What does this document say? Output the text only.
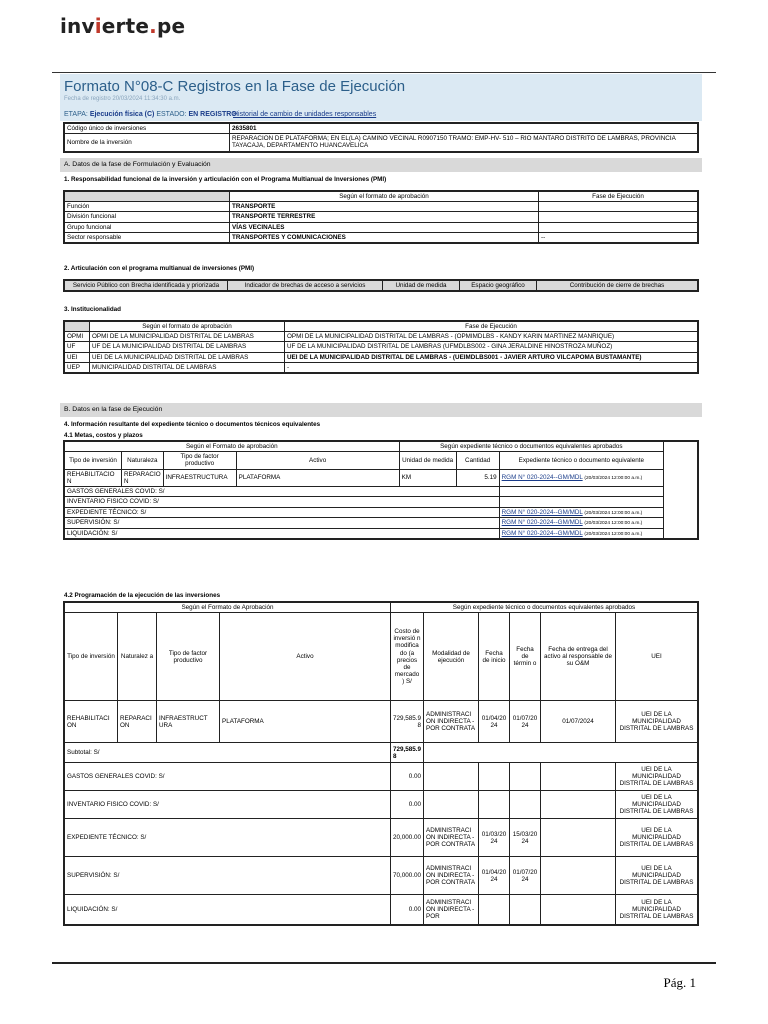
invierte.pe
Formato N°08-C Registros en la Fase de Ejecución
Fecha de registro 20/03/2024 11:34:30 a.m.
ETAPA: Ejecución física (C) ESTADO: EN REGISTRO
Historial de cambio de unidades responsables
Código único de inversiones	2635801
Nombre de la inversión	REPARACION DE PLATAFORMA; EN EL(LA) CAMINO VECINAL R0907150 TRAMO: EMP-HV- 510 – RIO MANTARO DISTRITO DE LAMBRAS, PROVINCIA TAYACAJA, DEPARTAMENTO HUANCAVELICA
A. Datos de la fase de Formulación y Evaluación
1. Responsabilidad funcional de la inversión y articulación con el Programa Multianual de Inversiones (PMI)
	Según el formato de aprobación	Fase de Ejecución
Función	TRANSPORTE	
División funcional	TRANSPORTE TERRESTRE	
Grupo funcional	VÍAS VECINALES	
Sector responsable	TRANSPORTES Y COMUNICACIONES	--
2. Articulación con el programa multianual de inversiones (PMI)
Servicio Público con Brecha identificada y priorizada	Indicador de brechas de acceso a servicios	Unidad de medida	Espacio geográfico	Contribución de cierre de brechas
3. Institucionalidad
	Según el formato de aprobación	Fase de Ejecución
OPMI	OPMI DE LA MUNICIPALIDAD DISTRITAL DE LAMBRAS	OPMI DE LA MUNICIPALIDAD DISTRITAL DE LAMBRAS - (OPMIMDLBS - KANDY KARIN MARTINEZ MANRIQUE)
UF	UF DE LA MUNICIPALIDAD DISTRITAL DE LAMBRAS	UF DE LA MUNICIPALIDAD DISTRITAL DE LAMBRAS (UFMDLBS002 - GINA JERALDINE HINOSTROZA MUÑOZ)
UEI	UEI DE LA MUNICIPALIDAD DISTRITAL DE LAMBRAS	UEI DE LA MUNICIPALIDAD DISTRITAL DE LAMBRAS - (UEIMDLBS001 - JAVIER ARTURO VILCAPOMA BUSTAMANTE)
UEP	MUNICIPALIDAD DISTRITAL DE LAMBRAS	-
B. Datos en la fase de Ejecución
4. Información resultante del expediente técnico o documentos técnicos equivalentes
4.1 Metas, costos y plazos
Según el Formato de aprobación				Según expediente técnico o documentos equivalentes aprobados			
Tipo de inversión	Naturaleza	Tipo de factor productivo	Activo	Unidad de medida	Cantidad	Expediente técnico o documento equivalente	
REHABILITACIO N	REPARACIO N	INFRAESTRUCTURA	PLATAFORMA	KM	5.19	RGM N° 020-2024--GM/MDL (20/03/2024 12:00:00 a.m.)	
GASTOS GENERALES COVID: S/							
INVENTARIO FISICO COVID: S/							
EXPEDIENTE TÉCNICO: S/						RGM N° 020-2024--GM/MDL (20/03/2024 12:00:00 a.m.)	
SUPERVISIÓN: S/						RGM N° 020-2024--GM/MDL (20/03/2024 12:00:00 a.m.)	
LIQUIDACIÓN: S/						RGM N° 020-2024--GM/MDL (20/03/2024 12:00:00 a.m.)	
4.2 Programación de la ejecución de las inversiones
Según el Formato de Aprobación				Según expediente técnico o documentos equivalentes aprobados					
Tipo de inversión	Naturalez a	Tipo de factor productivo	Activo	Costo de inversió n modifica do (a precios de mercado ) S/	Modalidad de ejecución	Fecha de inicio	Fecha de términ o	Fecha de entrega del activo al responsable de su O&M	UEI
REHABILITACI ON	REPARACI ON	INFRAESTRUCT URA	PLATAFORMA	729,585.9 8	ADMINISTRACI ON INDIRECTA - POR CONTRATA	01/04/20 24	01/07/20 24	01/07/2024	UEI DE LA MUNICIPALIDAD DISTRITAL DE LAMBRAS
Subtotal: S/				729,585.9 8					
GASTOS GENERALES COVID: S/				0.00					UEI DE LA MUNICIPALIDAD DISTRITAL DE LAMBRAS
INVENTARIO FISICO COVID: S/				0.00					UEI DE LA MUNICIPALIDAD DISTRITAL DE LAMBRAS
EXPEDIENTE TÉCNICO: S/				20,000.00	ADMINISTRACI ON INDIRECTA - POR CONTRATA	01/03/20 24	15/03/20 24		UEI DE LA MUNICIPALIDAD DISTRITAL DE LAMBRAS
SUPERVISIÓN: S/				70,000.00	ADMINISTRACI ON INDIRECTA - POR CONTRATA	01/04/20 24	01/07/20 24		UEI DE LA MUNICIPALIDAD DISTRITAL DE LAMBRAS
LIQUIDACIÓN: S/				0.00	ADMINISTRACI ON INDIRECTA - POR				UEI DE LA MUNICIPALIDAD DISTRITAL DE LAMBRAS
Pág. 1
